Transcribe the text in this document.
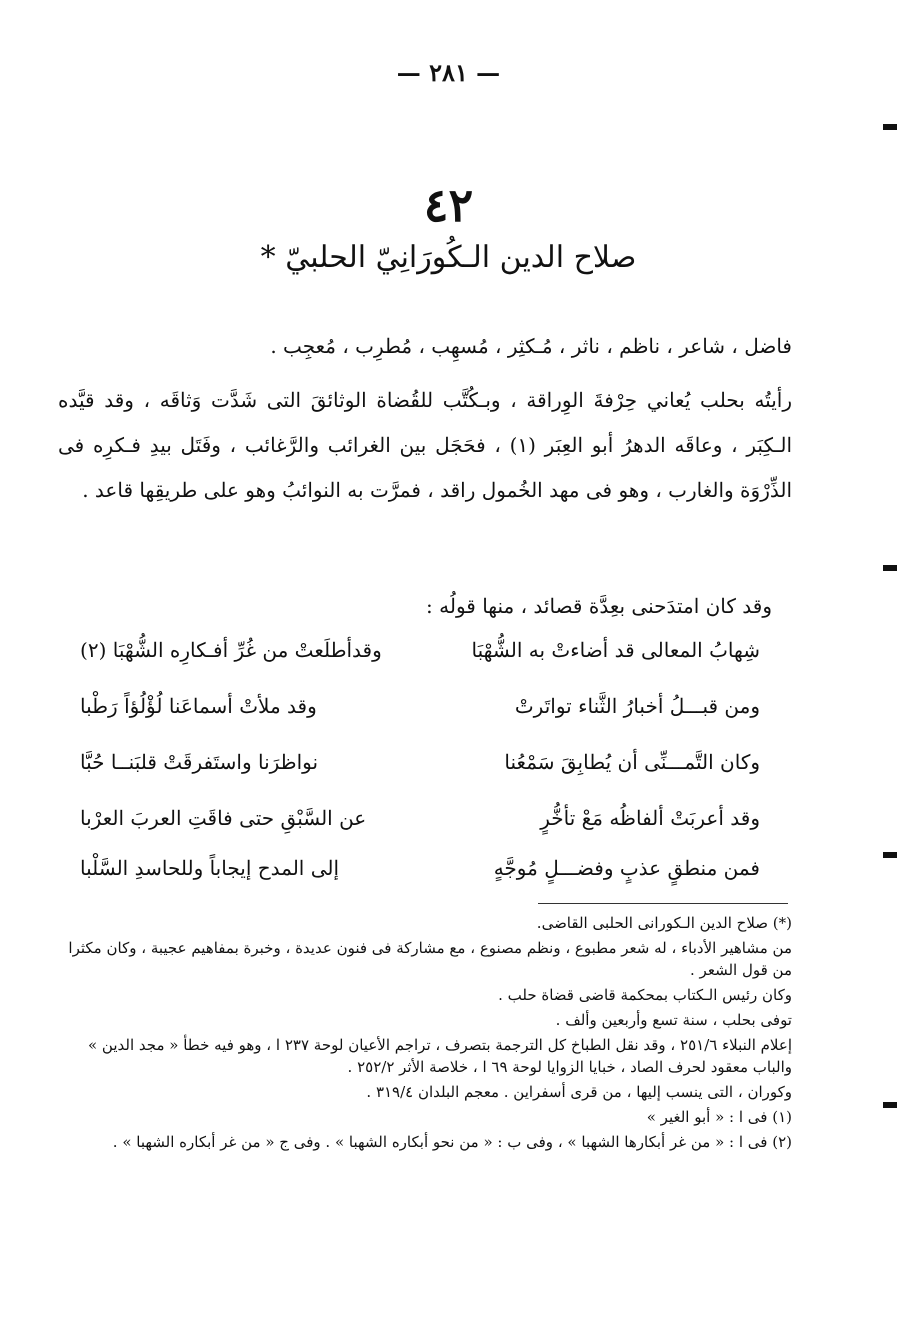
— ٢٨١ —
٤٢
صلاح الدين الـكُورَانِيّ الحلبيّ *
فاضل ، شاعر ، ناظم ، ناثر ، مُـكثِر ، مُسهِب ، مُطرِب ، مُعجِب .
رأيتُه بحلب يُعاني حِرْفةَ الوِراقة ، وبـكُتَّب للقُضاة الوثائقَ التى شَدَّت وَثاقَه ، وقد قيَّده الـكِبَر ، وعاقَه الدهرُ أبو العِبَر (١) ، فحَجَل بين الغرائب والرَّغائب ، وفَتَل بيدِ فـكرِه فى الذِّرْوَة والغارب ، وهو فى مهد الخُمول راقد ، فمرَّت به النوائبُ وهو على طريقِها قاعد .
وقد كان امتدَحنى بعِدَّة قصائد ، منها قولُه :
شِهابُ المعالى قد أضاءتْ به الشُّهْبَا
وقدأطلَعتْ من غُرِّ أفـكارِه الشُّهْبَا (٢)
ومن قبـــلُ أخبارُ الثَّناء تواتَرتْ
وقد ملأتْ أسماعَنا لُؤْلُؤاً رَطْبا
وكان التَّمـــنِّى أن يُطابِقَ سَمْعُنا
نواظرَنا واستَفرقَتْ قلبَنــا حُبَّا
وقد أعربَتْ ألفاظُه مَعْ تأخُّرٍ
عن السَّبْقِ حتى فاقَتِ العربَ العرْبا
فمن منطقٍ عذبٍ وفضـــلٍ مُوجَّهٍ
إلى المدح إيجاباً وللحاسدِ السَّلْبا

(*) صلاح الدين الـكورانى الحلبى القاضى.

من مشاهير الأدباء ، له شعر مطبوع ، ونظم مصنوع ، مع مشاركة فى فنون عديدة ، وخبرة بمفاهيم عجيبة ، وكان مكثرا من قول الشعر .

وكان رئيس الـكتاب بمحكمة قاضى قضاة حلب .

توفى بحلب ، سنة تسع وأربعين وألف .

إعلام النبلاء ٢٥١/٦ ، وقد نقل الطباخ كل الترجمة بتصرف ، تراجم الأعيان لوحة ٢٣٧ ا ، وهو فيه خطأ « مجد الدين » والباب معقود لحرف الصاد ، خبايا الزوايا لوحة ٦٩ ا ، خلاصة الأثر ٢٥٢/٢ .

وكوران ، التى ينسب إليها ، من قرى أسفراين . معجم البلدان ٣١٩/٤ .

(١) فى ا : « أبو الغير »

(٢) فى ا : « من غر أبكارها الشهبا » ، وفى ب : « من نحو أبكاره الشهبا » . وفى ج « من غر أبكاره الشهبا » .
